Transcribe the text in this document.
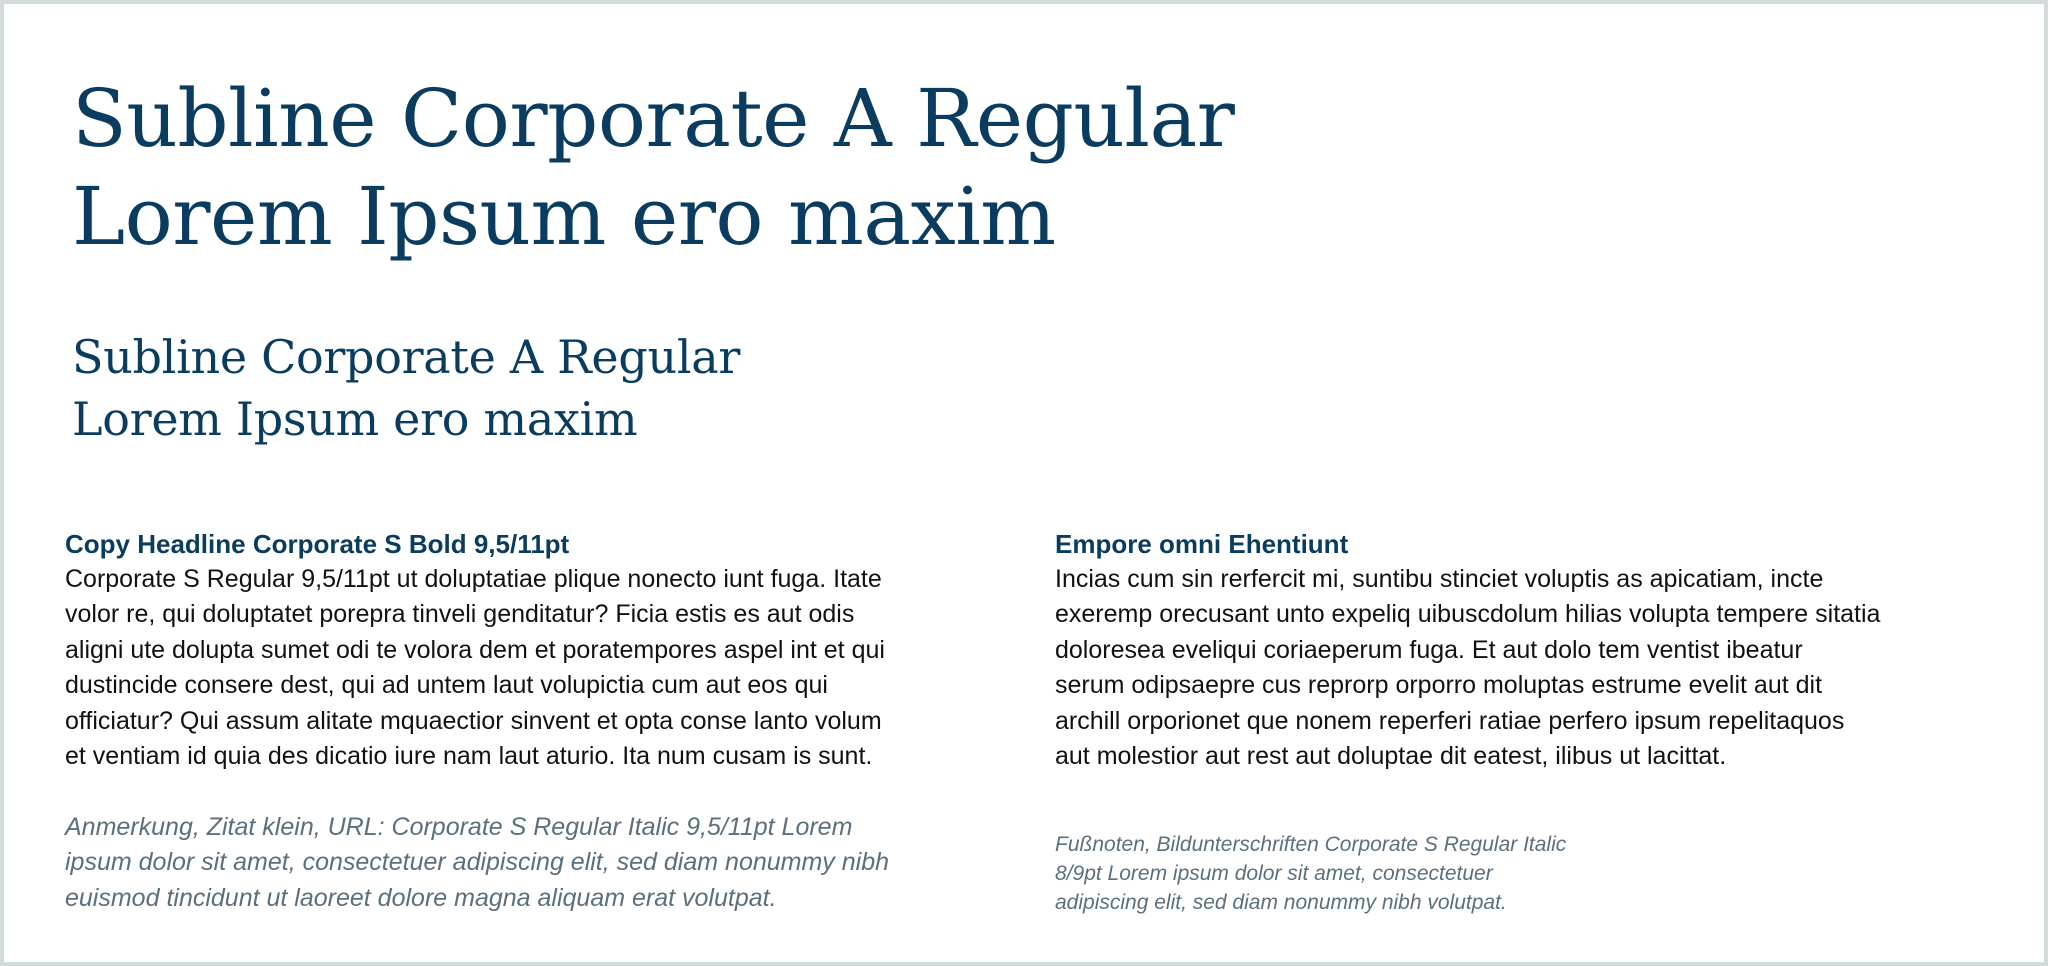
Subline Corporate A Regular
Lorem Ipsum ero maxim
Subline Corporate A Regular
Lorem Ipsum ero maxim
Copy Headline Corporate S Bold 9,5/11pt

Corporate S Regular 9,5/11pt ut doluptatiae plique nonecto iunt fuga. Itate
volor re, qui doluptatet porepra tinveli genditatur? Ficia estis es aut odis
aligni ute dolupta sumet odi te volora dem et poratempores aspel int et qui
dustincide consere dest, qui ad untem laut volupictia cum aut eos qui
officiatur? Qui assum alitate mquaectior sinvent et opta conse lanto volum
et ventiam id quia des dicatio iure nam laut aturio. Ita num cusam is sunt.

Anmerkung, Zitat klein, URL: Corporate S Regular Italic 9,5/11pt Lorem
ipsum dolor sit amet, consectetuer adipiscing elit, sed diam nonummy nibh
euismod tincidunt ut laoreet dolore magna aliquam erat volutpat.

Empore omni Ehentiunt

Incias cum sin rerfercit mi, suntibu stinciet voluptis as apicatiam, incte
exeremp orecusant unto expeliq uibuscdolum hilias volupta tempere sitatia
doloresea eveliqui coriaeperum fuga. Et aut dolo tem ventist ibeatur
serum odipsaepre cus reprorp orporro moluptas estrume evelit aut dit
archill orporionet que nonem reperferi ratiae perfero ipsum repelitaquos
aut molestior aut rest aut doluptae dit eatest, ilibus ut lacittat.

Fußnoten, Bildunterschriften Corporate S Regular Italic
8/9pt Lorem ipsum dolor sit amet, consectetuer
adipiscing elit, sed diam nonummy nibh volutpat.
